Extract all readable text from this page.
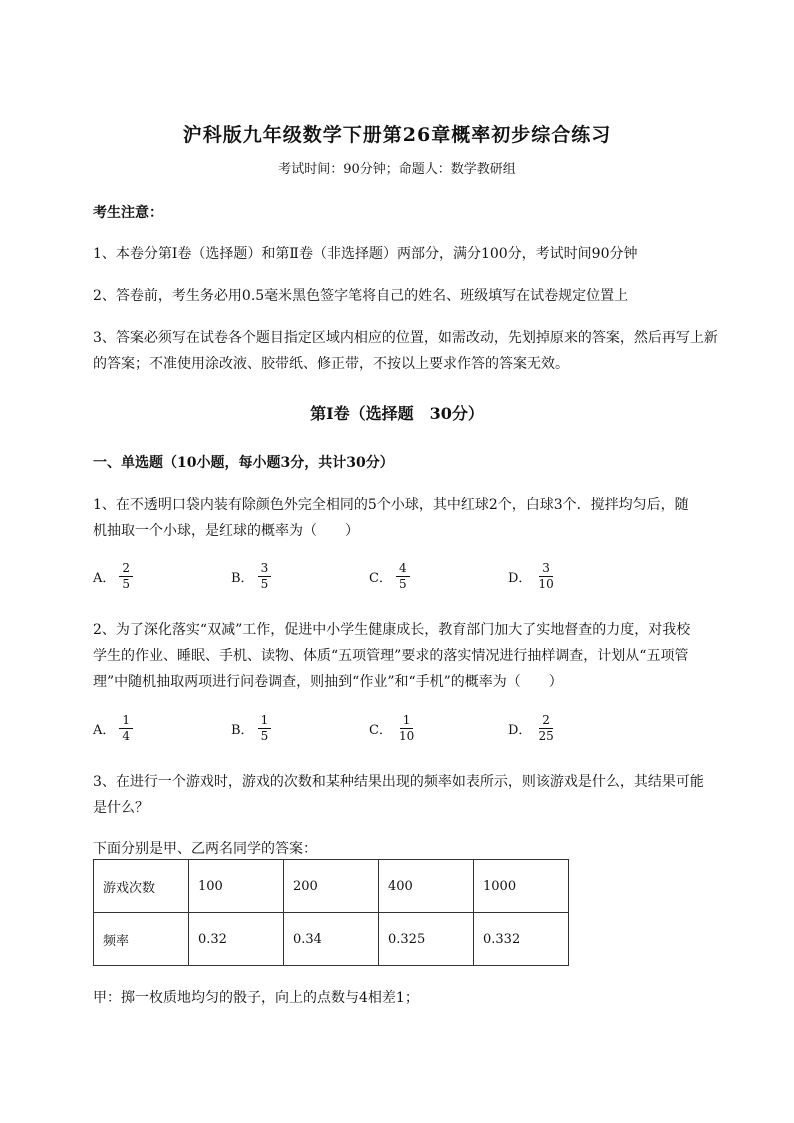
沪科版九年级数学下册第26章概率初步综合练习
考试时间：90分钟；命题人：数学教研组
考生注意：
1、本卷分第I卷（选择题）和第Ⅱ卷（非选择题）两部分，满分100分，考试时间90分钟
2、答卷前，考生务必用0.5毫米黑色签字笔将自己的姓名、班级填写在试卷规定位置上
3、答案必须写在试卷各个题目指定区域内相应的位置，如需改动，先划掉原来的答案，然后再写上新
的答案；不准使用涂改液、胶带纸、修正带，不按以上要求作答的答案无效。
第I卷（选择题　30分）
一、单选题（10小题，每小题3分，共计30分）
1、在不透明口袋内装有除颜色外完全相同的5个小球，其中红球2个，白球3个．搅拌均匀后，随
机抽取一个小球，是红球的概率为（　　）
A． $\frac{2}{5}$	B． $\frac{3}{5}$	C． $\frac{4}{5}$	D． $\frac{3}{10}$
2、为了深化落实“双减”工作，促进中小学生健康成长，教育部门加大了实地督查的力度，对我校
学生的作业、睡眠、手机、读物、体质“五项管理”要求的落实情况进行抽样调查，计划从“五项管
理”中随机抽取两项进行问卷调查，则抽到“作业”和“手机”的概率为（　　）
A． $\frac{1}{4}$	B． $\frac{1}{5}$	C． $\frac{1}{10}$	D． $\frac{2}{25}$
3、在进行一个游戏时，游戏的次数和某种结果出现的频率如表所示，则该游戏是什么，其结果可能
是什么？
下面分别是甲、乙两名同学的答案：
游戏次数	100	200	400	1000
频率	0.32	0.34	0.325	0.332
甲：掷一枚质地均匀的骰子，向上的点数与4相差1；
